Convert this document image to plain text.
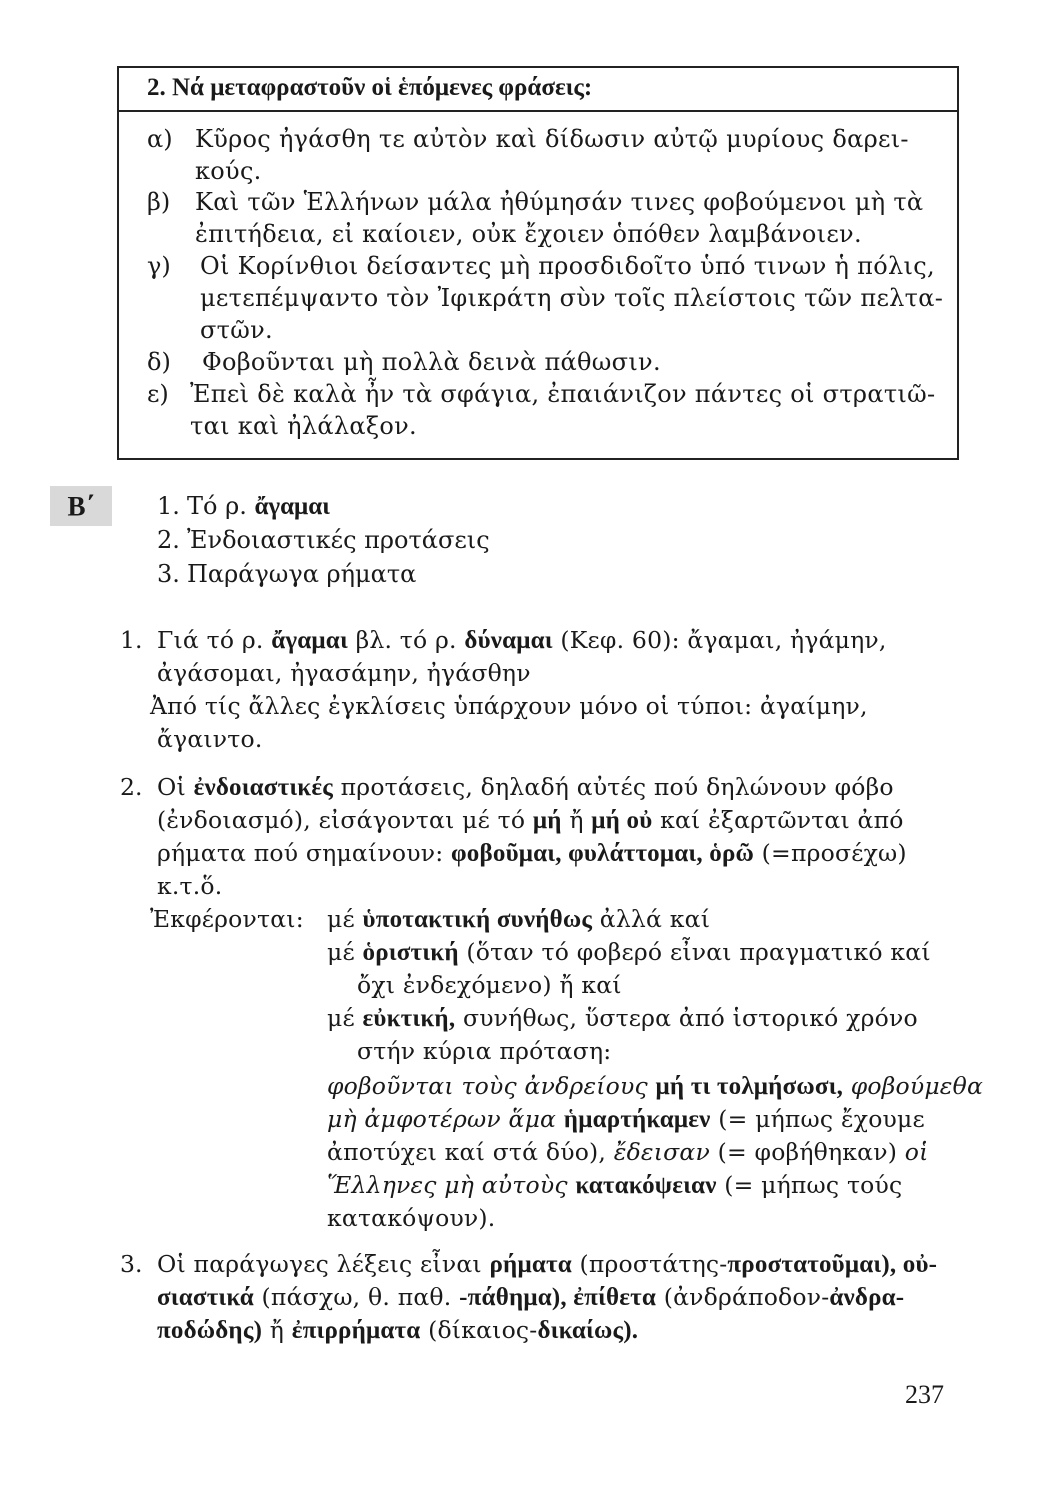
2. Νά μεταφραστοῦν οἱ ἑπόμενες φράσεις:
α) Κῦρος ἠγάσθη τε αὐτὸν καὶ δίδωσιν αὐτῷ μυρίους δαρει-
κούς.
β) Καὶ τῶν Ἑλλήνων μάλα ἠθύμησάν τινες φοβούμενοι μὴ τὰ
ἐπιτήδεια, εἰ καίοιεν, οὐκ ἔχοιεν ὁπόθεν λαμβάνοιεν.
γ) Οἱ Κορίνθιοι δείσαντες μὴ προσδιδοῖτο ὑπό τινων ἡ πόλις,
μετεπέμψαντο τὸν Ἰφικράτη σὺν τοῖς πλείστοις τῶν πελτα-
στῶν.
δ) Φοβοῦνται μὴ πολλὰ δεινὰ πάθωσιν.
ε) Ἐπεὶ δὲ καλὰ ἦν τὰ σφάγια, ἐπαιάνιζον πάντες οἱ στρατιῶ-
ται καὶ ἠλάλαξον.
Β΄	1. Τό ρ. ἄγαμαι
2. Ἐνδοιαστικές προτάσεις
3. Παράγωγα ρήματα
1. Γιά τό ρ. ἄγαμαι βλ. τό ρ. δύναμαι (Κεφ. 60): ἄγαμαι, ἠγάμην,
ἀγάσομαι, ἠγασάμην, ἠγάσθην
Ἀπό τίς ἄλλες ἐγκλίσεις ὑπάρχουν μόνο οἱ τύποι: ἀγαίμην,
ἄγαιντο.
2. Οἱ ἐνδοιαστικές προτάσεις, δηλαδή αὐτές πού δηλώνουν φόβο
(ἐνδοιασμό), εἰσάγονται μέ τό μή ἤ μή οὐ καί ἐξαρτῶνται ἀπό
ρήματα πού σημαίνουν: φοβοῦμαι, φυλάττομαι, ὁρῶ (=προσέχω)
κ.τ.ὅ.
Ἐκφέρονται: μέ ὑποτακτική συνήθως ἀλλά καί
μέ ὁριστική (ὅταν τό φοβερό εἶναι πραγματικό καί
ὄχι ἐνδεχόμενο) ἤ καί
μέ εὐκτική, συνήθως, ὕστερα ἀπό ἱστορικό χρόνο
στήν κύρια πρόταση:
φοβοῦνται τοὺς ἀνδρείους μή τι τολμήσωσι, φοβούμεθα
μὴ ἀμφοτέρων ἅμα ἡμαρτήκαμεν (= μήπως ἔχουμε
ἀποτύχει καί στά δύο), ἔδεισαν (= φοβήθηκαν) οἱ
Ἕλληνες μὴ αὐτοὺς κατακόψειαν (= μήπως τούς
κατακόψουν).
3. Οἱ παράγωγες λέξεις εἶναι ρήματα (προστάτης-προστατοῦμαι), οὐ-
σιαστικά (πάσχω, θ. παθ. -πάθημα), ἐπίθετα (ἀνδράποδον-ἀνδρα-
ποδώδης) ἤ ἐπιρρήματα (δίκαιος-δικαίως).
237
